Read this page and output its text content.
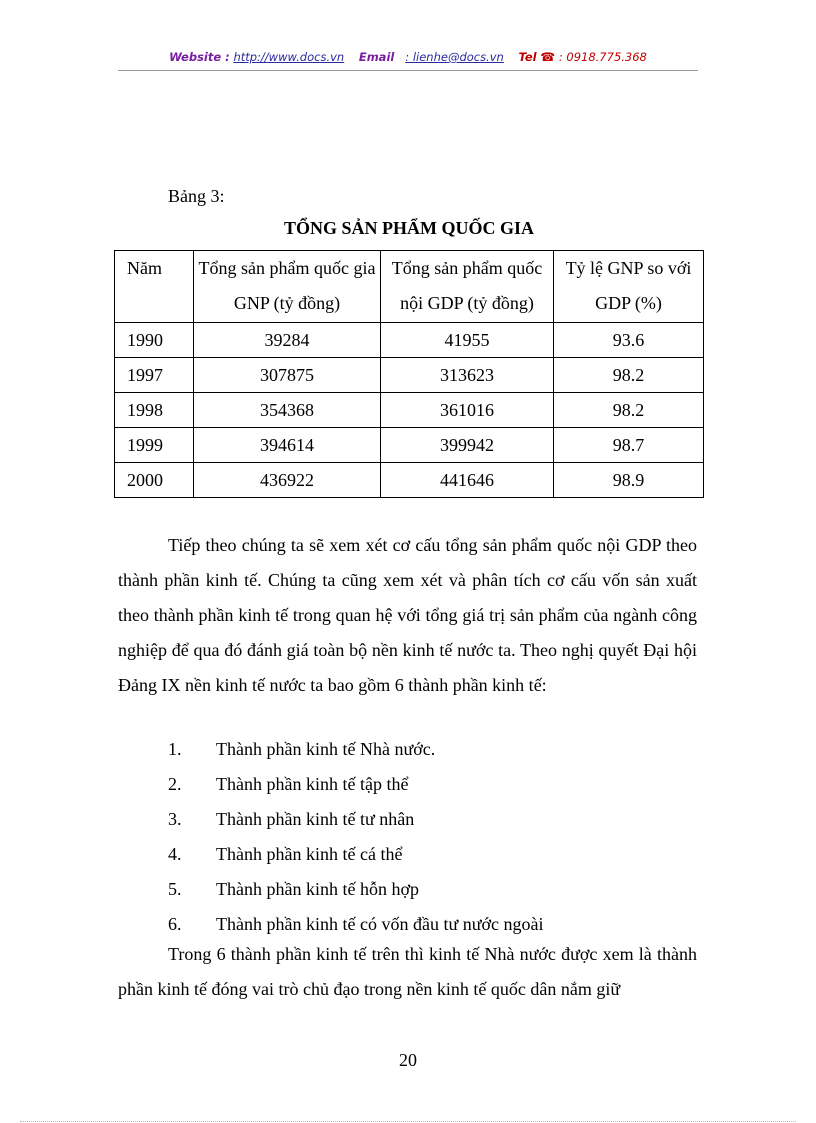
Website : http://www.docs.vn Email : lienhe@docs.vn Tel ☎ : 0918.775.368
Bảng 3:
TỔNG SẢN PHẨM QUỐC GIA
Năm	Tổng sản phẩm quốc gia GNP (tỷ đồng)	Tổng sản phẩm quốc nội GDP (tỷ đồng)	Tỷ lệ GNP so với GDP (%)
1990	39284	41955	93.6
1997	307875	313623	98.2
1998	354368	361016	98.2
1999	394614	399942	98.7
2000	436922	441646	98.9
Tiếp theo chúng ta sẽ xem xét cơ cấu tổng sản phẩm quốc nội GDP theo thành phần kinh tế. Chúng ta cũng xem xét và phân tích cơ cấu vốn sản xuất theo thành phần kinh tế trong quan hệ với tổng giá trị sản phẩm của ngành công nghiệp để qua đó đánh giá toàn bộ nền kinh tế nước ta. Theo nghị quyết Đại hội Đảng IX nền kinh tế nước ta bao gồm 6 thành phần kinh tế:
1. Thành phần kinh tế Nhà nước.
2. Thành phần kinh tế tập thể
3. Thành phần kinh tế tư nhân
4. Thành phần kinh tế cá thể
5. Thành phần kinh tế hỗn hợp
6. Thành phần kinh tế có vốn đầu tư nước ngoài
Trong 6 thành phần kinh tế trên thì kinh tế Nhà nước được xem là thành phần kinh tế đóng vai trò chủ đạo trong nền kinh tế quốc dân nắm giữ
20
